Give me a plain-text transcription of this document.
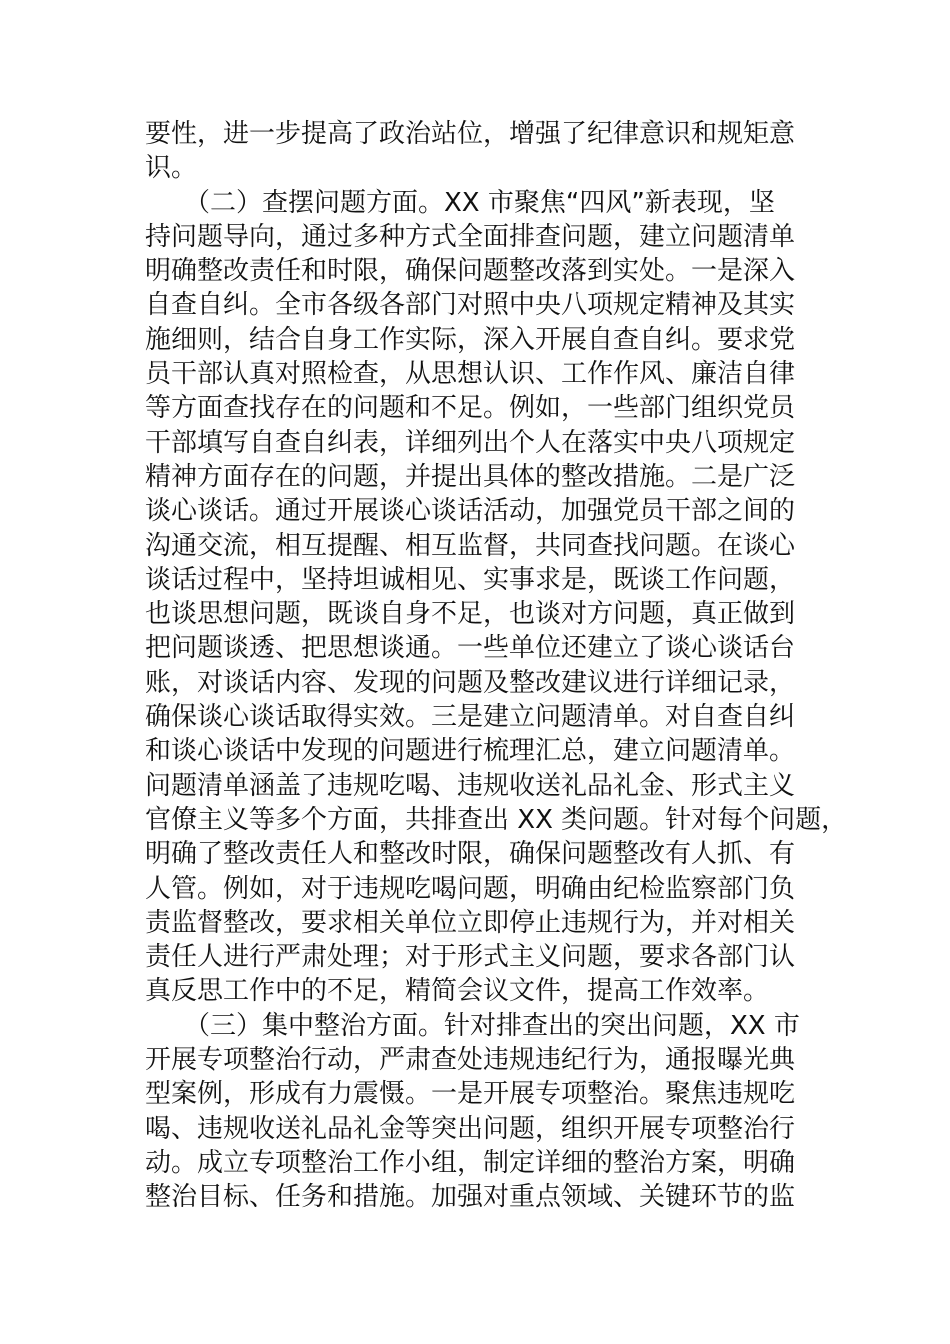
要性，进一步提高了政治站位，增强了纪律意识和规矩意
识。
　　（二）查摆问题方面。XX 市聚焦“四风”新表现，坚
持问题导向，通过多种方式全面排查问题，建立问题清单
明确整改责任和时限，确保问题整改落到实处。一是深入
自查自纠。全市各级各部门对照中央八项规定精神及其实
施细则，结合自身工作实际，深入开展自查自纠。要求党
员干部认真对照检查，从思想认识、工作作风、廉洁自律
等方面查找存在的问题和不足。例如，一些部门组织党员
干部填写自查自纠表，详细列出个人在落实中央八项规定
精神方面存在的问题，并提出具体的整改措施。二是广泛
谈心谈话。通过开展谈心谈话活动，加强党员干部之间的
沟通交流，相互提醒、相互监督，共同查找问题。在谈心
谈话过程中，坚持坦诚相见、实事求是，既谈工作问题，
也谈思想问题，既谈自身不足，也谈对方问题，真正做到
把问题谈透、把思想谈通。一些单位还建立了谈心谈话台
账，对谈话内容、发现的问题及整改建议进行详细记录，
确保谈心谈话取得实效。三是建立问题清单。对自查自纠
和谈心谈话中发现的问题进行梳理汇总，建立问题清单。
问题清单涵盖了违规吃喝、违规收送礼品礼金、形式主义
官僚主义等多个方面，共排查出 XX 类问题。针对每个问题，
明确了整改责任人和整改时限，确保问题整改有人抓、有
人管。例如，对于违规吃喝问题，明确由纪检监察部门负
责监督整改，要求相关单位立即停止违规行为，并对相关
责任人进行严肃处理；对于形式主义问题，要求各部门认
真反思工作中的不足，精简会议文件，提高工作效率。
　　（三）集中整治方面。针对排查出的突出问题，XX 市
开展专项整治行动，严肃查处违规违纪行为，通报曝光典
型案例，形成有力震慑。一是开展专项整治。聚焦违规吃
喝、违规收送礼品礼金等突出问题，组织开展专项整治行
动。成立专项整治工作小组，制定详细的整治方案，明确
整治目标、任务和措施。加强对重点领域、关键环节的监
